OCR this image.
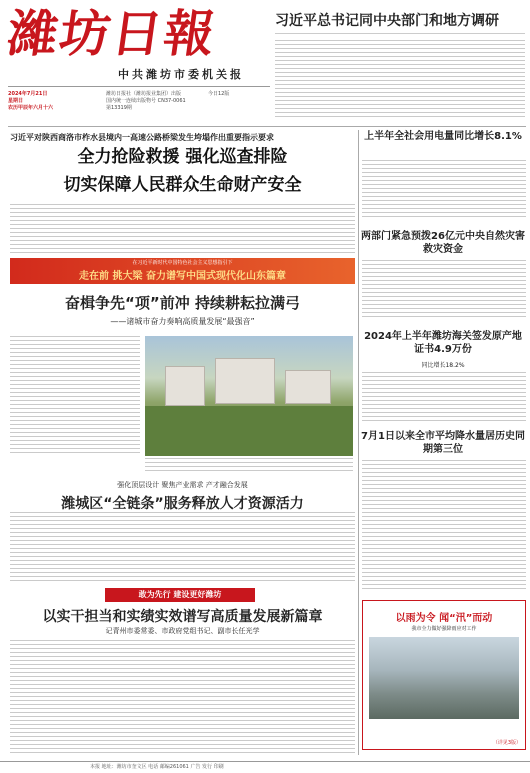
濰坊日報
中共潍坊市委机关报
2024年7月21日
星期日
农历甲辰年六月十六
潍坊日报社（潍坊报业集团）出版
国内统一连续出版物号 CN37-0061
第13319期
今日12版
习近平总书记同中央部门和地方调研
习近平对陕西商洛市柞水县境内一高速公路桥梁发生垮塌作出重要指示要求
全力抢险救援 强化巡查排险
切实保障人民群众生命财产安全
在习近平新时代中国特色社会主义思想指引下
走在前 挑大梁 奋力谱写中国式现代化山东篇章
奋楫争先“项”前冲 持续耕耘拉满弓
——诸城市奋力奏响高质量发展“最强音”
强化顶层设计 聚焦产业需求 产才融合发展
潍城区“全链条”服务释放人才资源活力
敢为先行 建设更好潍坊
以实干担当和实绩实效谱写高质量发展新篇章
记青州市委常委、市政府党组书记、副市长任光学
上半年全社会用电量同比增长8.1%
两部门紧急预拨26亿元中央自然灾害救灾资金
2024年上半年潍坊海关签发原产地证书4.9万份
同比增长18.2%
7月1日以来全市平均降水量居历史同期第三位
以雨为令 闻“汛”而动
我市全力做好强降雨应对工作
（详见3版）
本报 地址：潍坊市奎文区 电话 邮编261061 广告 发行 印刷
